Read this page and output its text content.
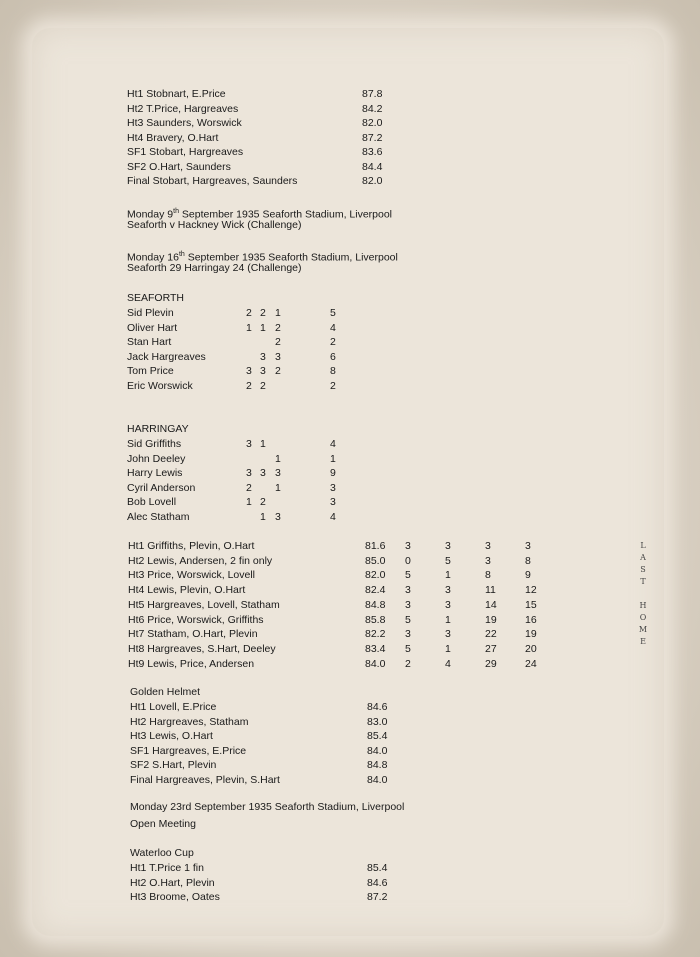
Ht1 Stobnart, E.Price	87.8
Ht2 T.Price, Hargreaves	84.2
Ht3 Saunders, Worswick	82.0
Ht4 Bravery, O.Hart	87.2
SF1 Stobart, Hargreaves	83.6
SF2 O.Hart, Saunders	84.4
Final Stobart, Hargreaves, Saunders	82.0
Monday 9th September 1935 Seaforth Stadium, Liverpool
Seaforth v Hackney Wick (Challenge)
Monday 16th September 1935 Seaforth Stadium, Liverpool
Seaforth 29 Harringay 24 (Challenge)
SEAFORTH
Sid Plevin	2 2 1	5
Oliver Hart	1 1 2	4
Stan Hart	2	2
Jack Hargreaves	3 3	6
Tom Price	3 3 2	8
Eric Worswick	2 2	2
HARRINGAY
Sid Griffiths	3 1	4
John Deeley	1	1
Harry Lewis	3 3 3	9
Cyril Anderson	2 1	3
Bob Lovell	1 2	3
Alec Statham	1 3	4
Ht1 Griffiths, Plevin, O.Hart	81.6 3	3	3	3
Ht2 Lewis, Andersen, 2 fin only	85.0 0	5	3	8
Ht3 Price, Worswick, Lovell	82.0 5	1	8	9
Ht4 Lewis, Plevin, O.Hart	82.4 3	3	11	12
Ht5 Hargreaves, Lovell, Statham	84.8 3	3	14	15
Ht6 Price, Worswick, Griffiths	85.8 5	1	19	16
Ht7 Statham, O.Hart, Plevin	82.2 3	3	22	19
Ht8 Hargreaves, S.Hart, Deeley	83.4 5	1	27	20
Ht9 Lewis, Price, Andersen	84.0 2	4	29	24
Golden Helmet
Ht1 Lovell, E.Price	84.6
Ht2 Hargreaves, Statham	83.0
Ht3 Lewis, O.Hart	85.4
SF1 Hargreaves, E.Price	84.0
SF2 S.Hart, Plevin	84.8
Final Hargreaves, Plevin, S.Hart	84.0
Monday 23rd September 1935 Seaforth Stadium, Liverpool
Open Meeting
Waterloo Cup
Ht1 T.Price 1 fin	85.4
Ht2 O.Hart, Plevin	84.6
Ht3 Broome, Oates	87.2
L
A
S
T

H
O
M
E
